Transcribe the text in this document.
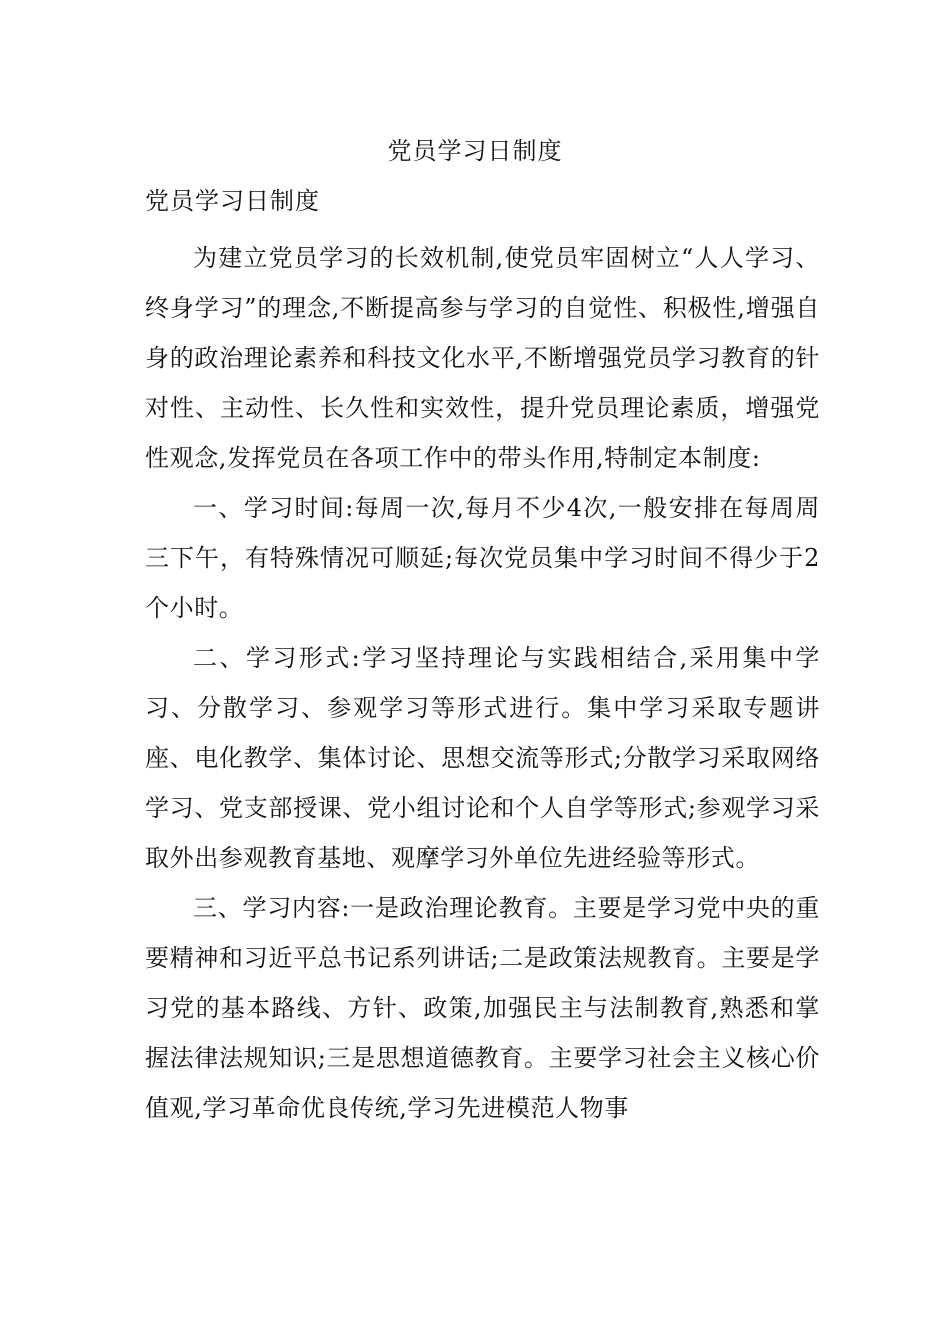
党员学习日制度
党员学习日制度

为建立党员学习的长效机制,使党员牢固树立“人人学习、终身学习”的理念,不断提高参与学习的自觉性、积极性,增强自身的政治理论素养和科技文化水平,不断增强党员学习教育的针对性、主动性、长久性和实效性，提升党员理论素质，增强党性观念,发挥党员在各项工作中的带头作用,特制定本制度:

一、学习时间:每周一次,每月不少4次,一般安排在每周周三下午，有特殊情况可顺延;每次党员集中学习时间不得少于2个小时。

二、学习形式:学习坚持理论与实践相结合,采用集中学习、分散学习、参观学习等形式进行。集中学习采取专题讲座、电化教学、集体讨论、思想交流等形式;分散学习采取网络学习、党支部授课、党小组讨论和个人自学等形式;参观学习采取外出参观教育基地、观摩学习外单位先进经验等形式。

三、学习内容:一是政治理论教育。主要是学习党中央的重要精神和习近平总书记系列讲话;二是政策法规教育。主要是学习党的基本路线、方针、政策,加强民主与法制教育,熟悉和掌握法律法规知识;三是思想道德教育。主要学习社会主义核心价值观,学习革命优良传统,学习先进模范人物事
